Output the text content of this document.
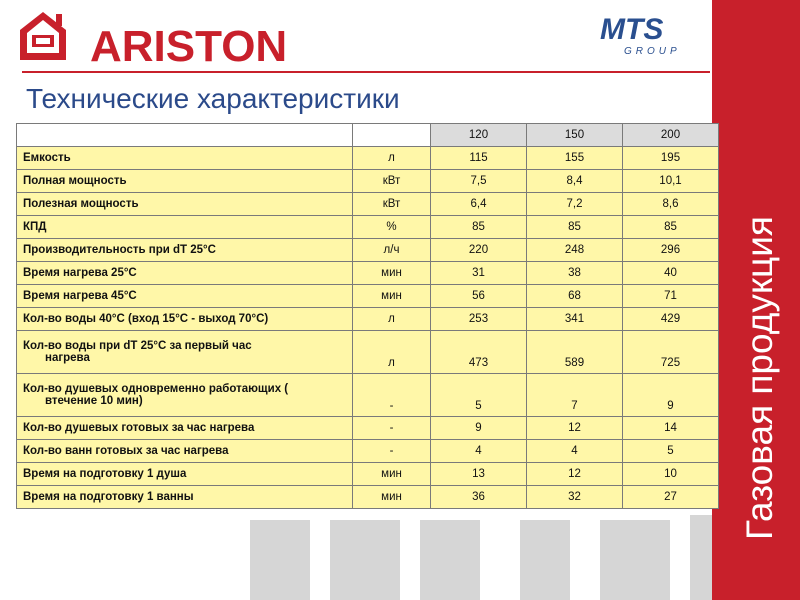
ARISTON	MTS
GROUP
Технические характеристики
Газовая продукция
		120	150	200
Емкость	л	115	155	195
Полная мощность	кВт	7,5	8,4	10,1
Полезная мощность	кВт	6,4	7,2	8,6
КПД	%	85	85	85
Производительность при dT 25°C	л/ч	220	248	296
Время нагрева 25°C	мин	31	38	40
Время нагрева 45°C	мин	56	68	71
Кол-во воды 40°C (вход 15°C - выход 70°C)	л	253	341	429
Кол-во воды при dT 25°C за первый час
нагрева	л	473	589	725
Кол-во душевых одновременно работающих (
втечение 10 мин)	-	5	7	9
Кол-во душевых готовых за час нагрева	-	9	12	14
Кол-во ванн готовых за час нагрева	-	4	4	5
Время на подготовку 1 душа	мин	13	12	10
Время на подготовку 1 ванны	мин	36	32	27
